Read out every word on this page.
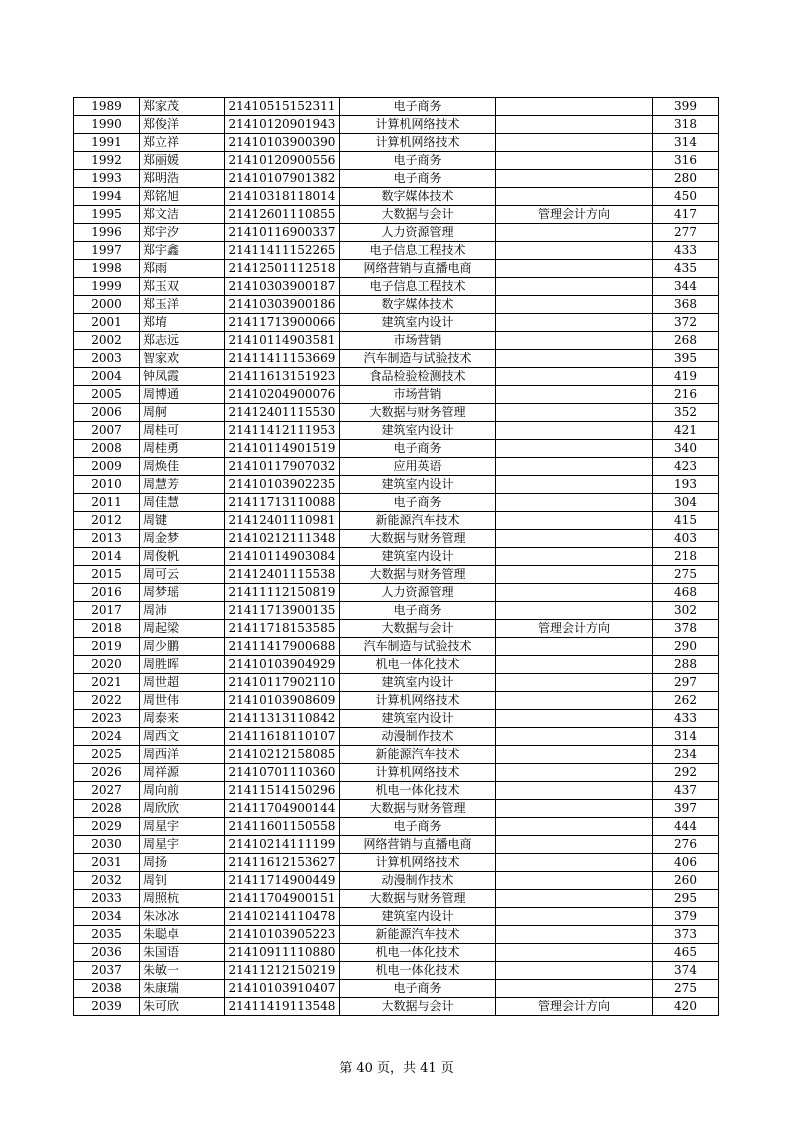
1989	郑家茂	21410515152311	电子商务		399
1990	郑俊洋	21410120901943	计算机网络技术		318
1991	郑立祥	21410103900390	计算机网络技术		314
1992	郑丽媛	21410120900556	电子商务		316
1993	郑明浩	21410107901382	电子商务		280
1994	郑铭旭	21410318118014	数字媒体技术		450
1995	郑文洁	21412601110855	大数据与会计	管理会计方向	417
1996	郑宇汐	21410116900337	人力资源管理		277
1997	郑宇鑫	21411411152265	电子信息工程技术		433
1998	郑雨	21412501112518	网络营销与直播电商		435
1999	郑玉双	21410303900187	电子信息工程技术		344
2000	郑玉洋	21410303900186	数字媒体技术		368
2001	郑堉	21411713900066	建筑室内设计		372
2002	郑志远	21410114903581	市场营销		268
2003	智家欢	21411411153669	汽车制造与试验技术		395
2004	钟凤霞	21411613151923	食品检验检测技术		419
2005	周博通	21410204900076	市场营销		216
2006	周舸	21412401115530	大数据与财务管理		352
2007	周桂可	21411412111953	建筑室内设计		421
2008	周桂勇	21410114901519	电子商务		340
2009	周焕佳	21410117907032	应用英语		423
2010	周慧芳	21410103902235	建筑室内设计		193
2011	周佳慧	21411713110088	电子商务		304
2012	周键	21412401110981	新能源汽车技术		415
2013	周金梦	21410212111348	大数据与财务管理		403
2014	周俊帆	21410114903084	建筑室内设计		218
2015	周可云	21412401115538	大数据与财务管理		275
2016	周梦瑶	21411112150819	人力资源管理		468
2017	周沛	21411713900135	电子商务		302
2018	周起梁	21411718153585	大数据与会计	管理会计方向	378
2019	周少鹏	21411417900688	汽车制造与试验技术		290
2020	周胜晖	21410103904929	机电一体化技术		288
2021	周世超	21410117902110	建筑室内设计		297
2022	周世伟	21410103908609	计算机网络技术		262
2023	周泰来	21411313110842	建筑室内设计		433
2024	周西文	21411618110107	动漫制作技术		314
2025	周西洋	21410212158085	新能源汽车技术		234
2026	周祥源	21410701110360	计算机网络技术		292
2027	周向前	21411514150296	机电一体化技术		437
2028	周欣欣	21411704900144	大数据与财务管理		397
2029	周星宇	21411601150558	电子商务		444
2030	周星宇	21410214111199	网络营销与直播电商		276
2031	周扬	21411612153627	计算机网络技术		406
2032	周钊	21411714900449	动漫制作技术		260
2033	周照杭	21411704900151	大数据与财务管理		295
2034	朱冰冰	21410214110478	建筑室内设计		379
2035	朱聪卓	21410103905223	新能源汽车技术		373
2036	朱国语	21410911110880	机电一体化技术		465
2037	朱敏一	21411212150219	机电一体化技术		374
2038	朱康瑞	21410103910407	电子商务		275
2039	朱可欣	21411419113548	大数据与会计	管理会计方向	420
第 40 页，共 41 页
